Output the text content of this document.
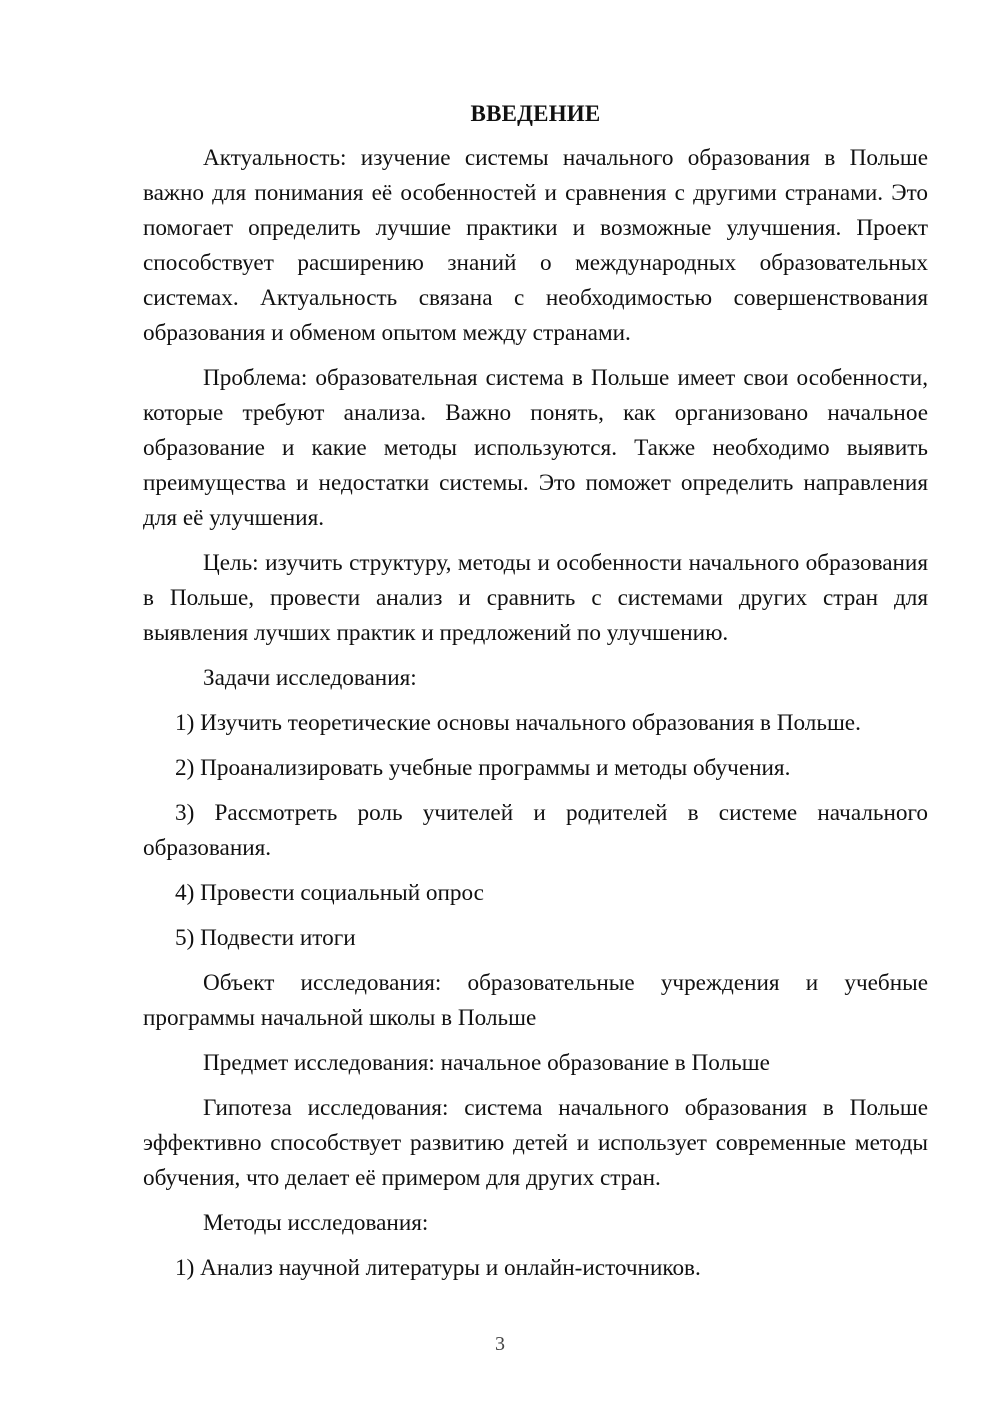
ВВЕДЕНИЕ

Актуальность: изучение системы начального образования в Польше важно для понимания её особенностей и сравнения с другими странами. Это помогает определить лучшие практики и возможные улучшения. Проект способствует расширению знаний о международных образовательных системах. Актуальность связана с необходимостью совершенствования образования и обменом опытом между странами.

Проблема: образовательная система в Польше имеет свои особенности, которые требуют анализа. Важно понять, как организовано начальное образование и какие методы используются. Также необходимо выявить преимущества и недостатки системы. Это поможет определить направления для её улучшения.

Цель: изучить структуру, методы и особенности начального образования в Польше, провести анализ и сравнить с системами других стран для выявления лучших практик и предложений по улучшению.

Задачи исследования:

1) Изучить теоретические основы начального образования в Польше.

2) Проанализировать учебные программы и методы обучения.

3) Рассмотреть роль учителей и родителей в системе начального образования.

4) Провести социальный опрос

5) Подвести итоги

Объект исследования: образовательные учреждения и учебные программы начальной школы в Польше

Предмет исследования: начальное образование в Польше

Гипотеза исследования: система начального образования в Польше эффективно способствует развитию детей и использует современные методы обучения, что делает её примером для других стран.

Методы исследования:

1) Анализ научной литературы и онлайн-источников.

3
